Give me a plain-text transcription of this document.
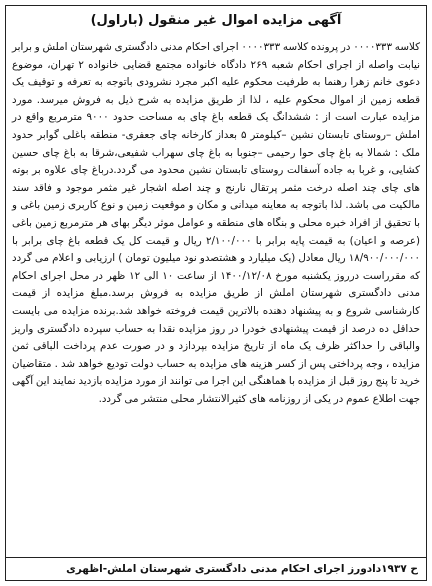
آگهی مزایده اموال غیر منقول (باراول)
کلاسه ۰۰۰۰۳۳۳ در پرونده کلاسه ۰۰۰۰۳۳۳ اجرای احکام مدنی دادگستری شهرستان املش و برابر نیابت واصله از اجرای احکام شعبه ۲۶۹ دادگاه خانواده مجتمع قضایی خانواده ۲ تهران، موضوع دعوی خانم زهرا رهنما به طرفیت محکوم علیه اکبر مجرد نشرودی باتوجه به تعرفه و توقیف یک قطعه زمین از اموال محکوم علیه ، لذا از طریق مزایده به شرح ذیل به فروش میرسد. مورد مزایده عبارت است از : ششدانگ یک قطعه باغ چای به مساحت حدود ۹۰۰۰ مترمربع واقع در املش –روستای تابستان نشین –کیلومتر ۵ بعداز کارخانه چای جعفری- منطقه باغلی گوابر حدود ملک : شمالا به باغ چای حوا رحیمی –جنوبا به باغ چای سهراب شفیعی،شرقا به باغ چای حسین کشایی، و غربا به جاده آسفالت روستای تابستان نشین محدود می گردد.درباغ چای علاوه بر بوته های چای چند اصله درخت مثمر پرتقال نارنج و چند اصله اشجار غیر مثمر موجود و فاقد سند مالکیت می باشد. لذا باتوجه به معاینه میدانی و مکان و موقعیت زمین و نوع کاربری زمین باغی و با تحقیق از افراد خبره محلی و بنگاه های منطقه و عوامل موثر دیگر بهای هر مترمربع زمین باغی (عرصه و اعیان) به قیمت پایه برابر با ۲/۱۰۰/۰۰۰ ریال و قیمت کل یک قطعه باغ چای برابر با ۱۸/۹۰۰/۰۰۰/۰۰۰ ریال معادل (یک میلیارد و هشتصدو نود میلیون تومان ) ارزیابی و اعلام می گردد که مقرراست درروز یکشنبه مورخ ۱۴۰۰/۱۲/۰۸ از ساعت ۱۰ الی ۱۲ ظهر در محل اجرای احکام مدنی دادگستری شهرستان املش از طریق مزایده به فروش برسد.مبلغ مزایده از قیمت کارشناسی شروع و به پیشنهاد دهنده بالاترین قیمت فروخته خواهد شد.برنده مزایده می بایست حداقل ده درصد از قیمت پیشنهادی خودرا در روز مزایده نقدا به حساب سپرده دادگستری واریز والباقی را حداکثر ظرف یک ماه از تاریخ مزایده بپردازد و در صورت عدم پرداخت الباقی ثمن مزایده ، وجه پرداختی پس از کسر هزینه های مزایده به حساب دولت تودیع خواهد شد . متقاضیان خرید تا پنج روز قبل از مزایده با هماهنگی این اجرا می توانند از مورد مزایده بازدید نمایند این آگهی جهت اطلاع عموم در یکی از روزنامه های کثیرالانتشار محلی منتشر می گردد.
ح ۱۹۳۷دادورز اجرای احکام مدنی دادگستری شهرستان املش-اظهری
